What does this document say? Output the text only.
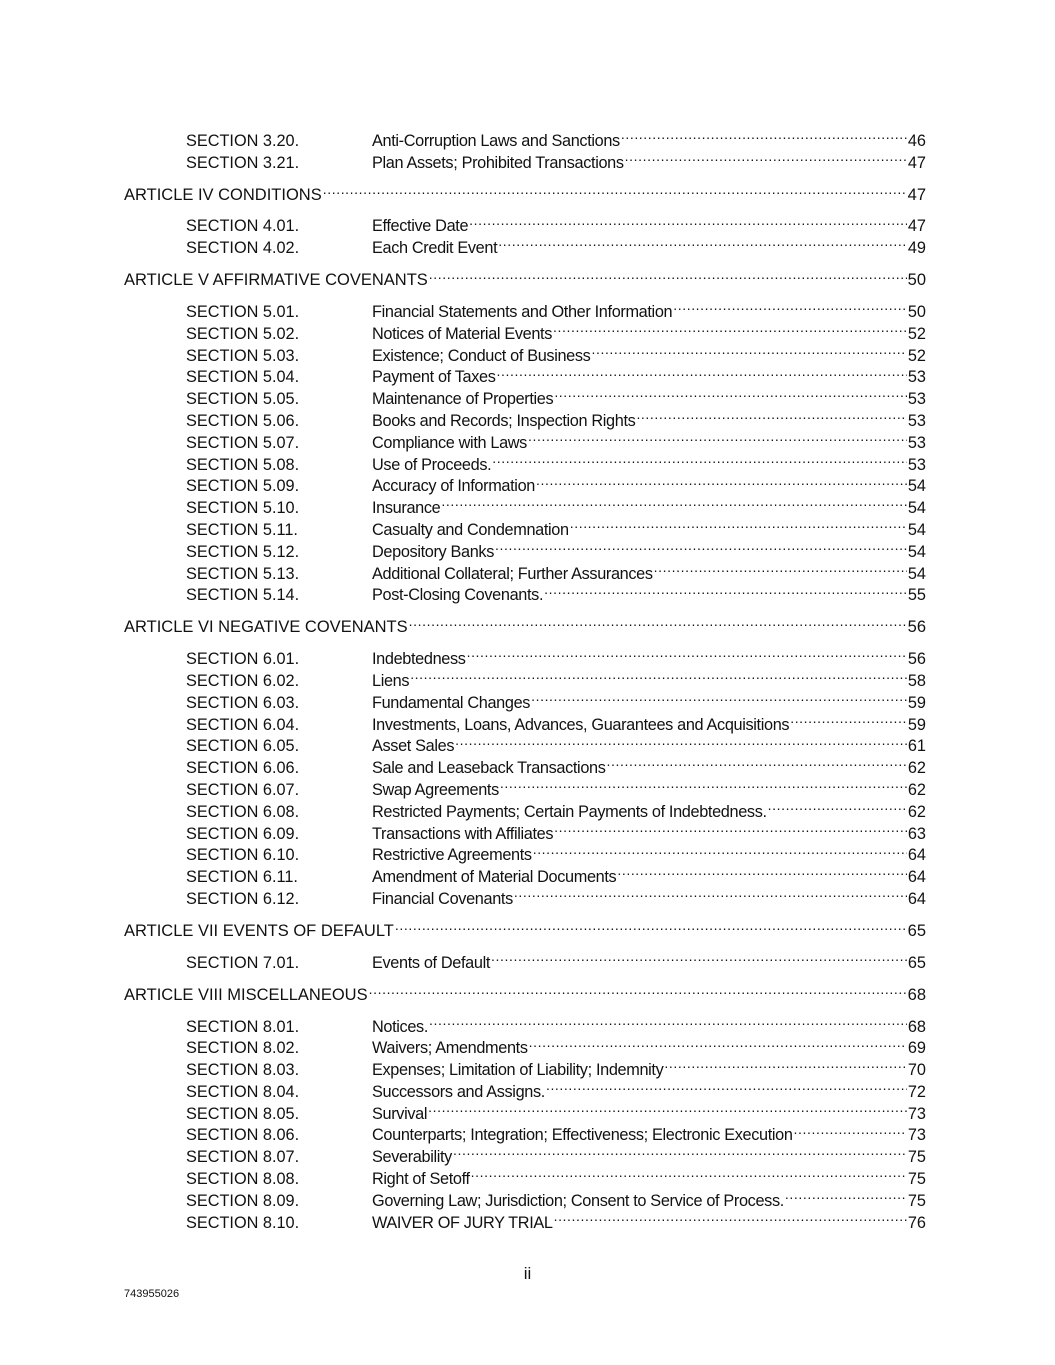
SECTION 3.20.	Anti-Corruption Laws and Sanctions .....	46
SECTION 3.21.	Plan Assets; Prohibited Transactions .....	47
ARTICLE IV CONDITIONS .....	47
SECTION 4.01.	Effective Date .....	47
SECTION 4.02.	Each Credit Event .....	49
ARTICLE V AFFIRMATIVE COVENANTS .....	50
SECTION 5.01.	Financial Statements and Other Information .....	50
SECTION 5.02.	Notices of Material Events .....	52
SECTION 5.03.	Existence; Conduct of Business .....	52
SECTION 5.04.	Payment of Taxes .....	53
SECTION 5.05.	Maintenance of Properties .....	53
SECTION 5.06.	Books and Records; Inspection Rights .....	53
SECTION 5.07.	Compliance with Laws .....	53
SECTION 5.08.	Use of Proceeds. .....	53
SECTION 5.09.	Accuracy of Information .....	54
SECTION 5.10.	Insurance .....	54
SECTION 5.11.	Casualty and Condemnation .....	54
SECTION 5.12.	Depository Banks .....	54
SECTION 5.13.	Additional Collateral; Further Assurances .....	54
SECTION 5.14.	Post-Closing Covenants. .....	55
ARTICLE VI NEGATIVE COVENANTS .....	56
SECTION 6.01.	Indebtedness .....	56
SECTION 6.02.	Liens .....	58
SECTION 6.03.	Fundamental Changes .....	59
SECTION 6.04.	Investments, Loans, Advances, Guarantees and Acquisitions .....	59
SECTION 6.05.	Asset Sales .....	61
SECTION 6.06.	Sale and Leaseback Transactions .....	62
SECTION 6.07.	Swap Agreements .....	62
SECTION 6.08.	Restricted Payments; Certain Payments of Indebtedness. .....	62
SECTION 6.09.	Transactions with Affiliates .....	63
SECTION 6.10.	Restrictive Agreements .....	64
SECTION 6.11.	Amendment of Material Documents .....	64
SECTION 6.12.	Financial Covenants .....	64
ARTICLE VII EVENTS OF DEFAULT .....	65
SECTION 7.01.	Events of Default .....	65
ARTICLE VIII MISCELLANEOUS .....	68
SECTION 8.01.	Notices. .....	68
SECTION 8.02.	Waivers; Amendments .....	69
SECTION 8.03.	Expenses; Limitation of Liability; Indemnity .....	70
SECTION 8.04.	Successors and Assigns. .....	72
SECTION 8.05.	Survival .....	73
SECTION 8.06.	Counterparts; Integration; Effectiveness; Electronic Execution .....	73
SECTION 8.07.	Severability .....	75
SECTION 8.08.	Right of Setoff .....	75
SECTION 8.09.	Governing Law; Jurisdiction; Consent to Service of Process. .....	75
SECTION 8.10.	WAIVER OF JURY TRIAL .....	76
ii
743955026
